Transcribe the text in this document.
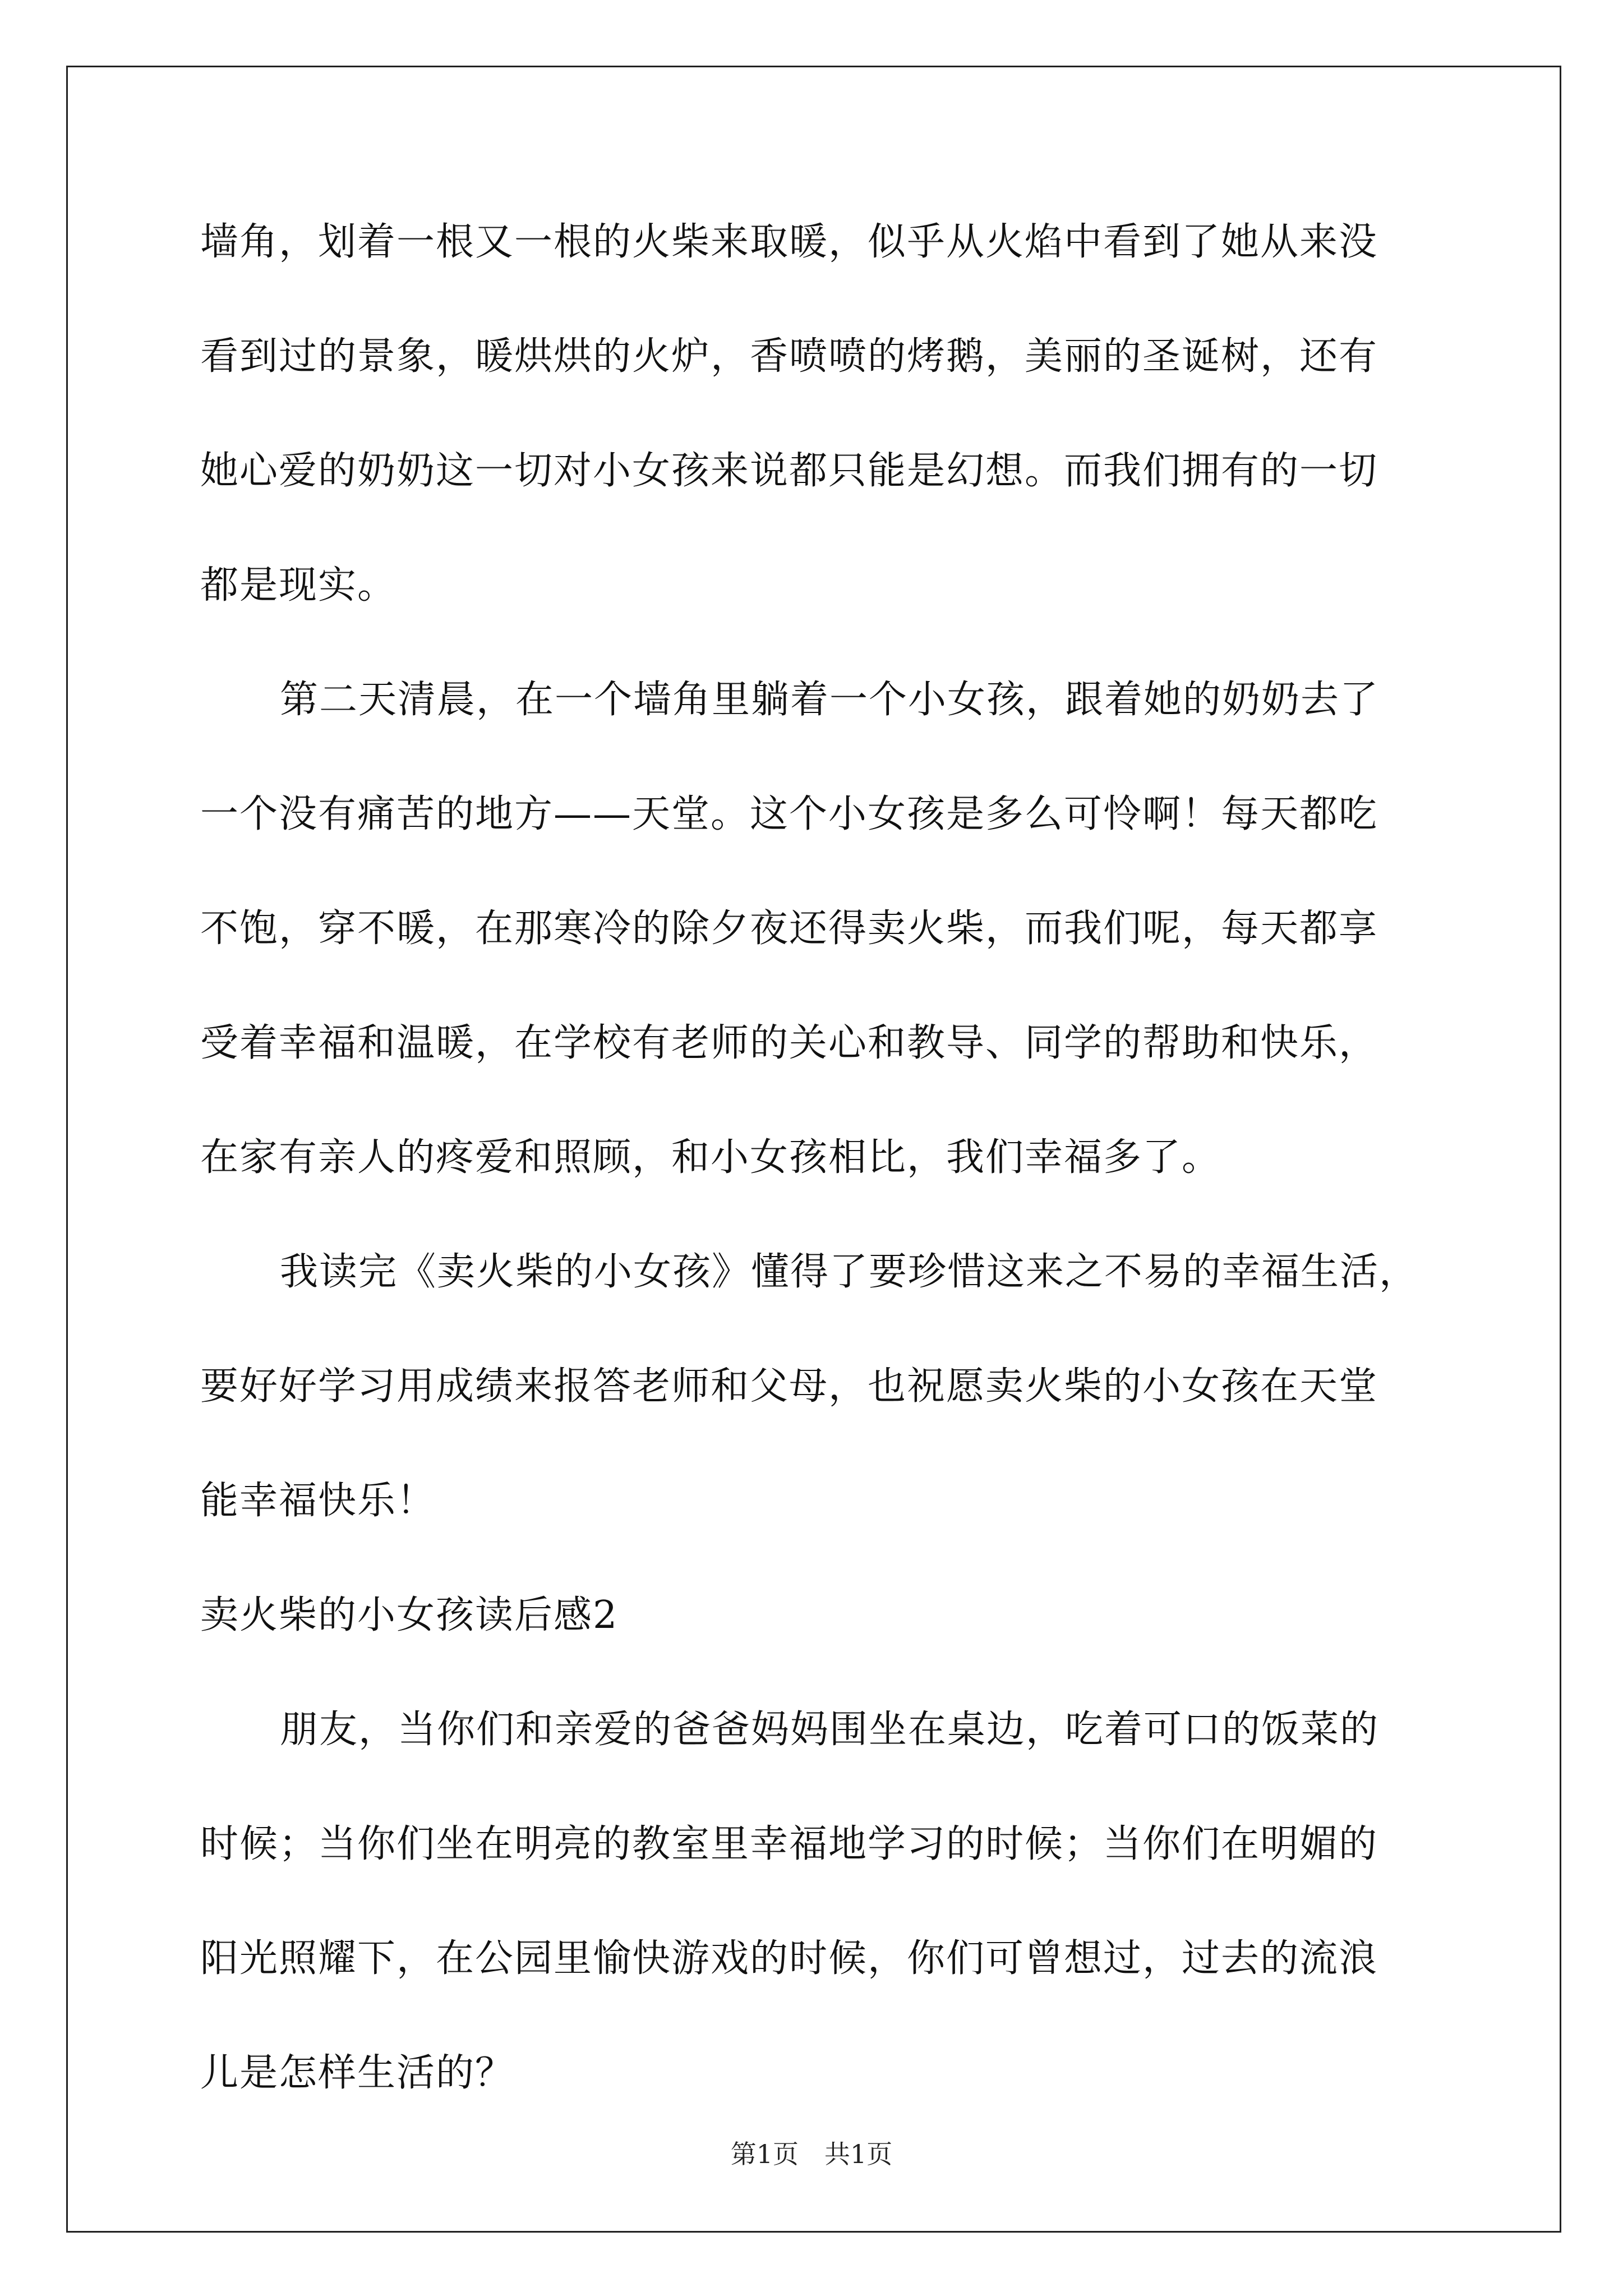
墙角，划着一根又一根的火柴来取暖，似乎从火焰中看到了她从来没
看到过的景象，暖烘烘的火炉，香喷喷的烤鹅，美丽的圣诞树，还有
她心爱的奶奶这一切对小女孩来说都只能是幻想。而我们拥有的一切
都是现实。
第二天清晨，在一个墙角里躺着一个小女孩，跟着她的奶奶去了
一个没有痛苦的地方——天堂。这个小女孩是多么可怜啊！每天都吃
不饱，穿不暖，在那寒冷的除夕夜还得卖火柴，而我们呢，每天都享
受着幸福和温暖，在学校有老师的关心和教导、同学的帮助和快乐，
在家有亲人的疼爱和照顾，和小女孩相比，我们幸福多了。
我读完《卖火柴的小女孩》懂得了要珍惜这来之不易的幸福生活，
要好好学习用成绩来报答老师和父母，也祝愿卖火柴的小女孩在天堂
能幸福快乐！
卖火柴的小女孩读后感2
朋友，当你们和亲爱的爸爸妈妈围坐在桌边，吃着可口的饭菜的
时候；当你们坐在明亮的教室里幸福地学习的时候；当你们在明媚的
阳光照耀下，在公园里愉快游戏的时候，你们可曾想过，过去的流浪
儿是怎样生活的？
第1页　共1页
